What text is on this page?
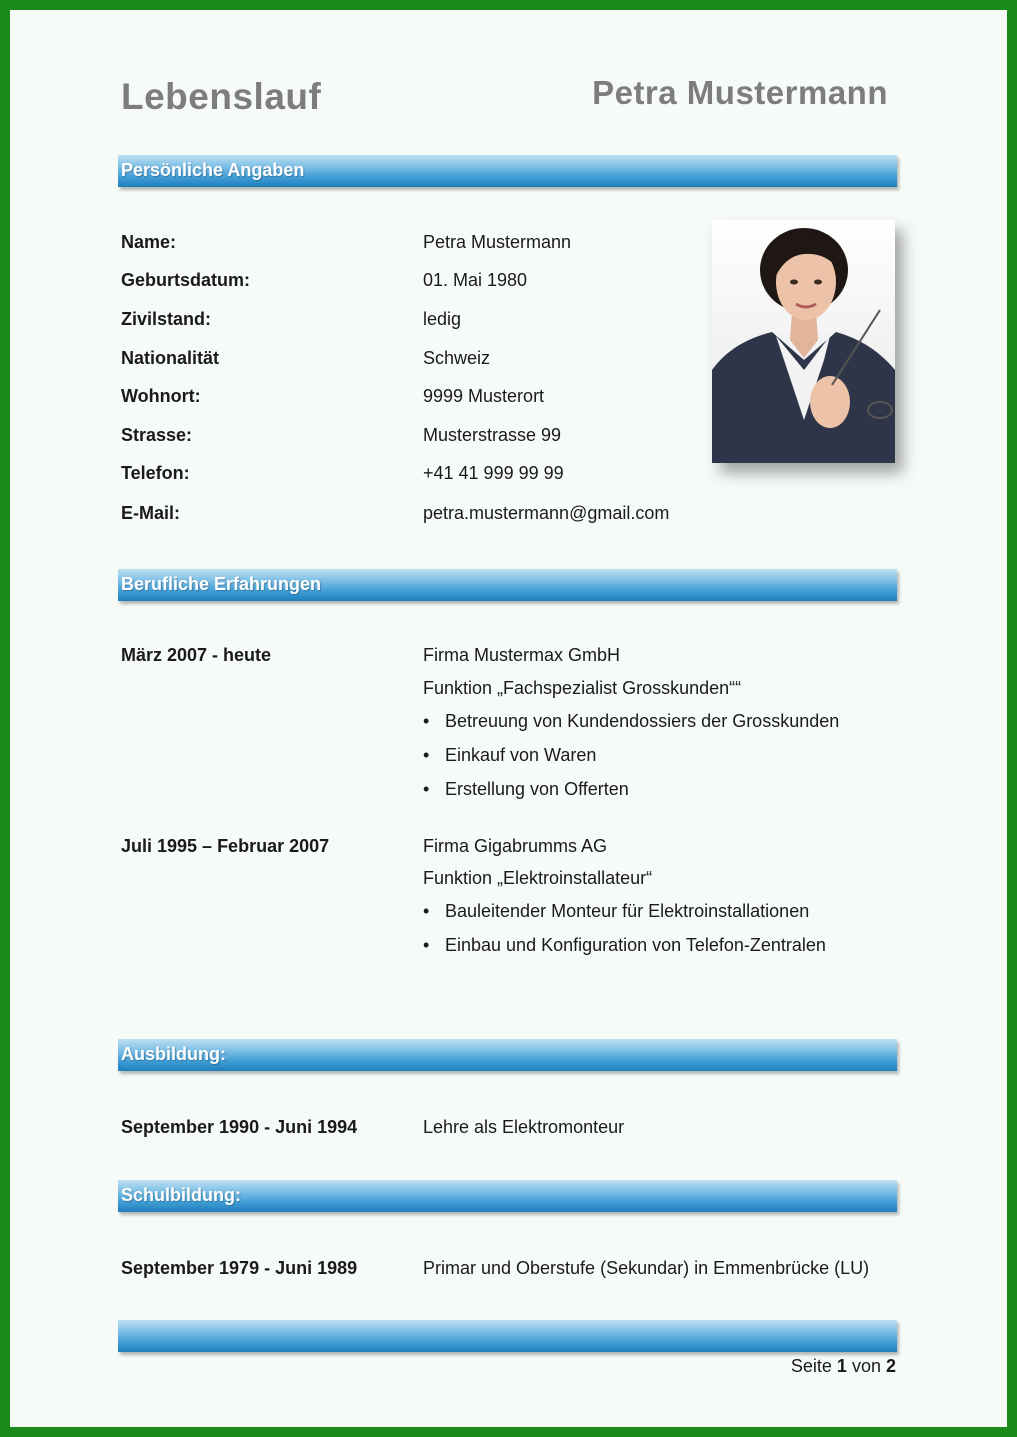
Lebenslauf	Petra Mustermann
Persönliche Angaben
Name:	Petra Mustermann
Geburtsdatum:	01. Mai 1980
Zivilstand:	ledig
Nationalität	Schweiz
Wohnort:	9999 Musterort
Strasse:	Musterstrasse 99
Telefon:	+41 41 999 99 99
E-Mail:	petra.mustermann@gmail.com
Berufliche Erfahrungen
März 2007 - heute	Firma Mustermax GmbH
Funktion „Fachspezialist Grosskunden““
• Betreuung von Kundendossiers der Grosskunden
• Einkauf von Waren
• Erstellung von Offerten
Juli 1995 – Februar 2007	Firma Gigabrumms AG
Funktion „Elektroinstallateur“
• Bauleitender Monteur für Elektroinstallationen
• Einbau und Konfiguration von Telefon-Zentralen
Ausbildung:
September 1990 - Juni 1994	Lehre als Elektromonteur
Schulbildung:
September 1979 - Juni 1989	Primar und Oberstufe (Sekundar) in Emmenbrücke (LU)
Seite 1 von 2
